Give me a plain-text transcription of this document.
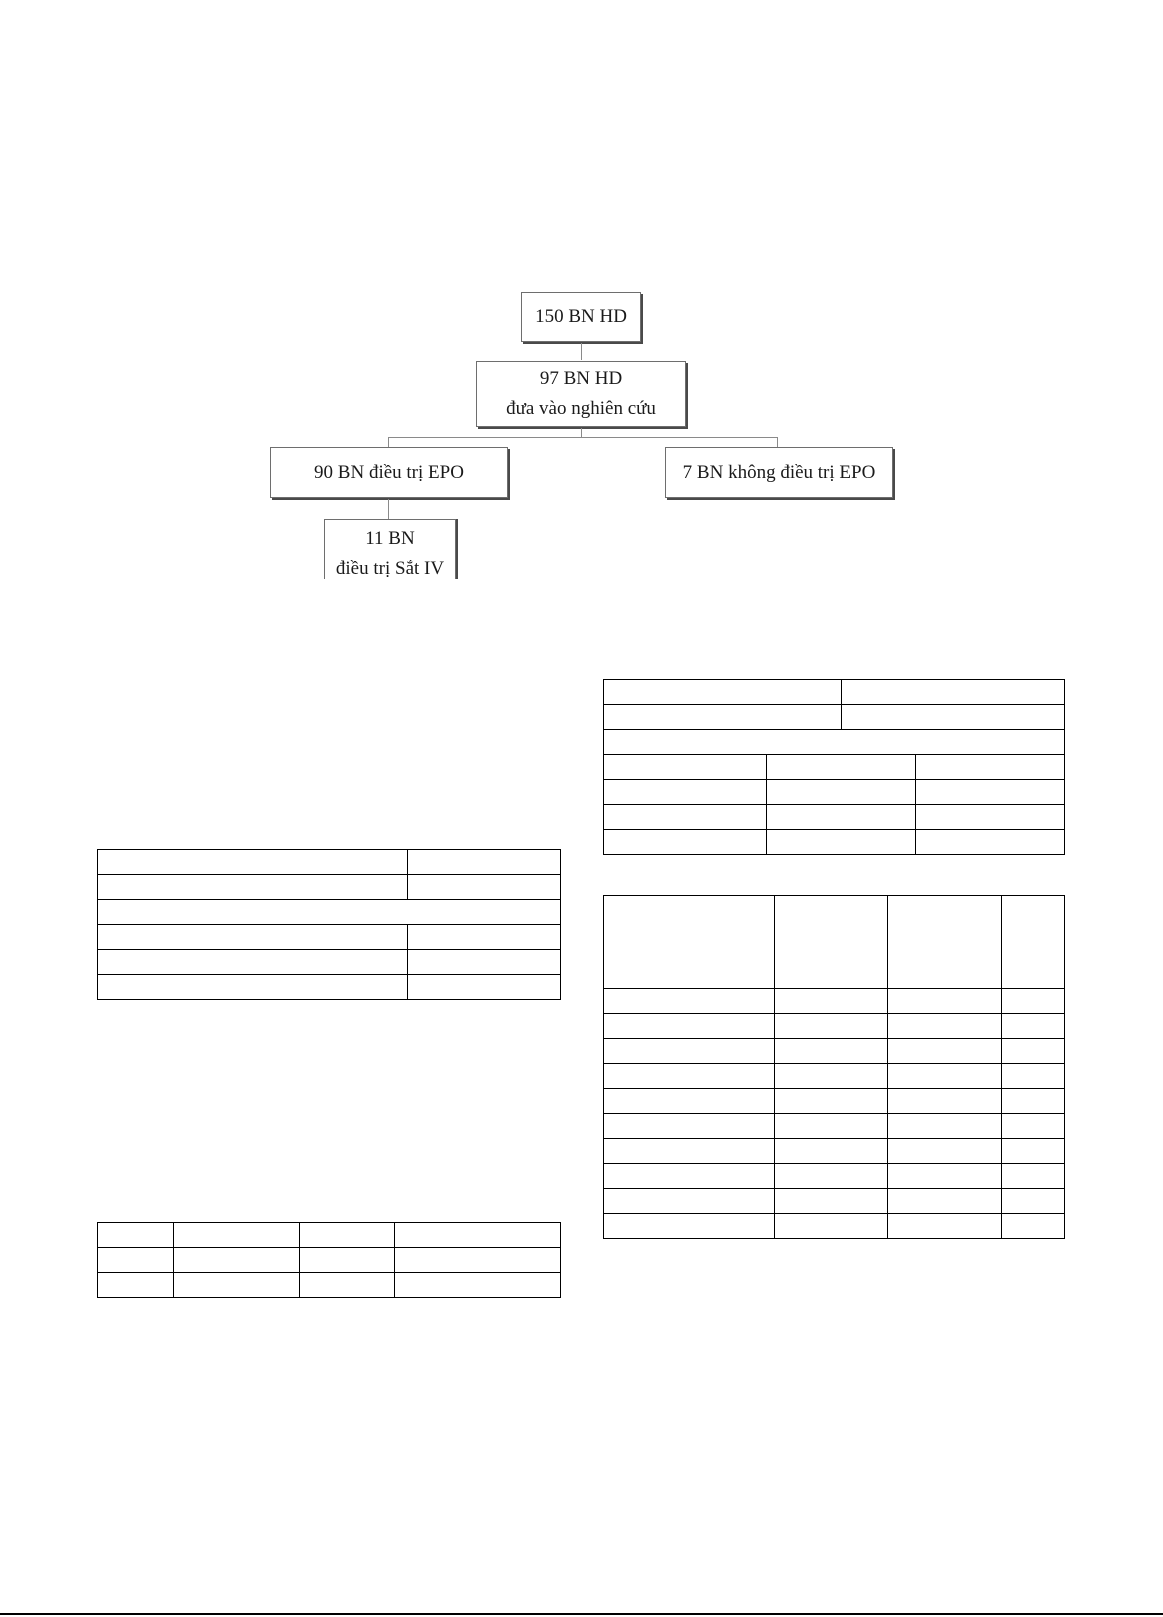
150 BN HD
97 BN HD
đưa vào nghiên cứu
90 BN điều trị EPO	7 BN không điều trị EPO
11 BN
điều trị Sắt IV
